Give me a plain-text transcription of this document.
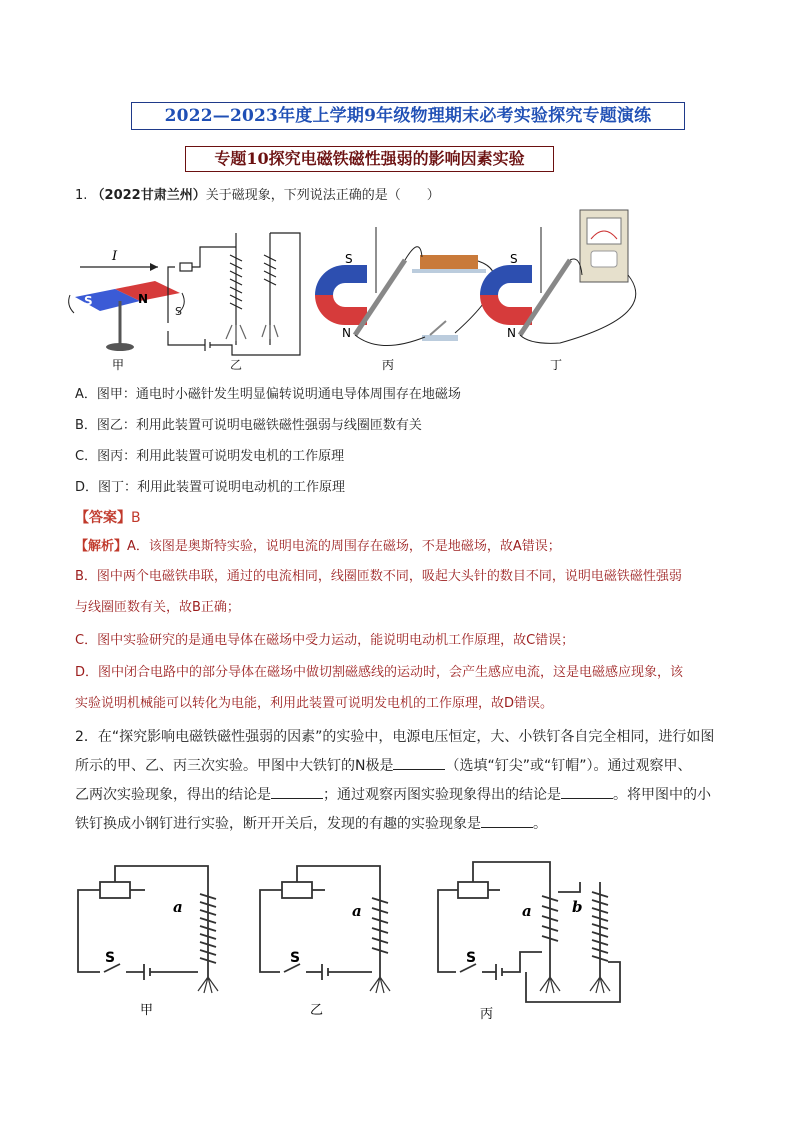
2022—2023年度上学期9年级物理期末必考实验探究专题演练
专题10探究电磁铁磁性强弱的影响因素实验
1. （2022甘肃兰州）关于磁现象，下列说法正确的是（　　）
I
S	N
甲
S
乙
S
N
丙
S
N
丁
A．图甲：通电时小磁针发生明显偏转说明通电导体周围存在地磁场
B．图乙：利用此装置可说明电磁铁磁性强弱与线圈匝数有关
C．图丙：利用此装置可说明发电机的工作原理
D．图丁：利用此装置可说明电动机的工作原理
【答案】B
【解析】A．该图是奥斯特实验，说明电流的周围存在磁场，不是地磁场，故A错误；
B．图中两个电磁铁串联，通过的电流相同，线圈匝数不同，吸起大头针的数目不同，说明电磁铁磁性强弱
与线圈匝数有关，故B正确；
C．图中实验研究的是通电导体在磁场中受力运动，能说明电动机工作原理，故C错误；
D．图中闭合电路中的部分导体在磁场中做切割磁感线的运动时，会产生感应电流，这是电磁感应现象，该
实验说明机械能可以转化为电能，利用此装置可说明发电机的工作原理，故D错误。
2．在“探究影响电磁铁磁性强弱的因素”的实验中，电源电压恒定，大、小铁钉各自完全相同，进行如图
所示的甲、乙、丙三次实验。甲图中大铁钉的N极是	（选填“钉尖”或“钉帽”）。通过观察甲、
乙两次实验现象，得出的结论是	；通过观察丙图实验现象得出的结论是	。将甲图中的小
铁钉换成小钢钉进行实验，断开开关后，发现的有趣的实验现象是	。
a
S
甲
a
S
乙
a	b
S
丙
